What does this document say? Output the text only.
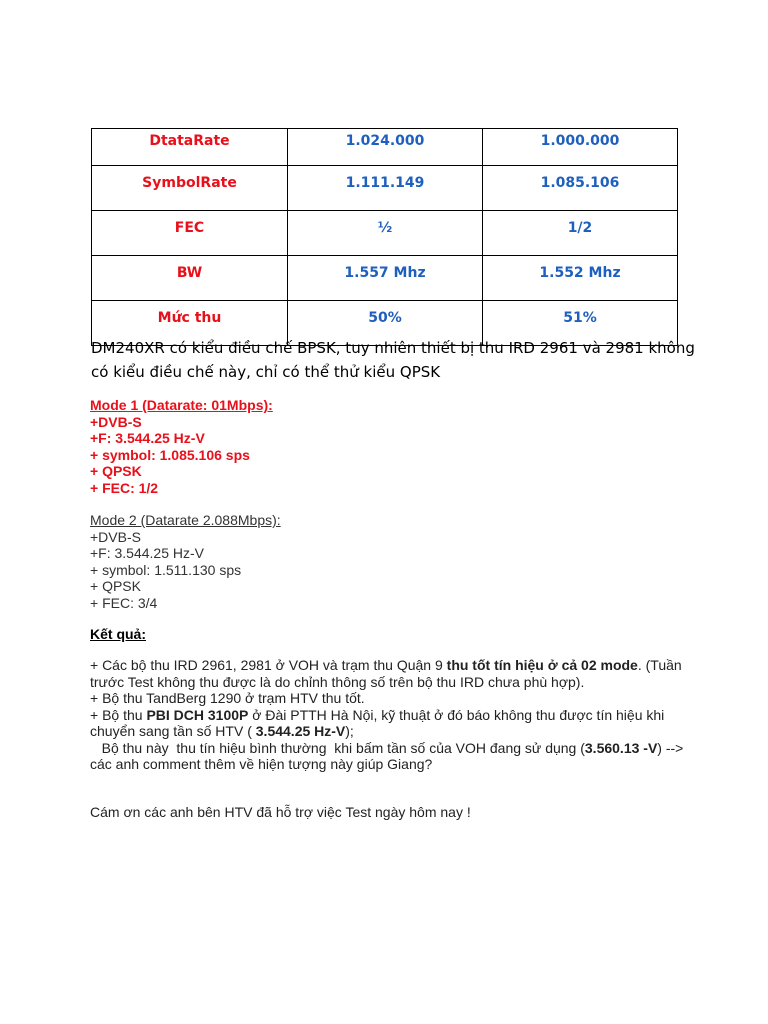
DtataRate	1.024.000	1.000.000
SymbolRate	1.111.149	1.085.106
FEC	½	1/2
BW	1.557 Mhz	1.552 Mhz
Mức thu	50%	51%

DM240XR có kiểu điều chế BPSK, tuy nhiên thiết bị thu IRD 2961 và 2981 không có kiểu điều chế này, chỉ có thể thử kiểu QPSK

Mode 1 (Datarate: 01Mbps):
+DVB-S
+F: 3.544.25 Hz-V
+ symbol: 1.085.106 sps
+ QPSK
+ FEC: 1/2
Mode 2 (Datarate 2.088Mbps):
+DVB-S
+F: 3.544.25 Hz-V
+ symbol: 1.511.130 sps
+ QPSK
+ FEC: 3/4

Kết quả:

+ Các bộ thu IRD 2961, 2981 ở VOH và trạm thu Quận 9 thu tốt tín hiệu ở cả 02 mode. (Tuần trước Test không thu được là do chỉnh thông số trên bộ thu IRD chưa phù hợp).

+ Bộ thu TandBerg 1290 ở trạm HTV thu tốt.

+ Bộ thu PBI DCH 3100P ở Đài PTTH Hà Nội, kỹ thuật ở đó báo không thu được tín hiệu khi chuyển sang tần số HTV ( 3.544.25 Hz-V);

Bộ thu này  thu tín hiệu bình thường  khi bấm tần số của VOH đang sử dụng (3.560.13 -V) --> các anh comment thêm về hiện tượng này giúp Giang?

Cám ơn các anh bên HTV đã hỗ trợ việc Test ngày hôm nay !
